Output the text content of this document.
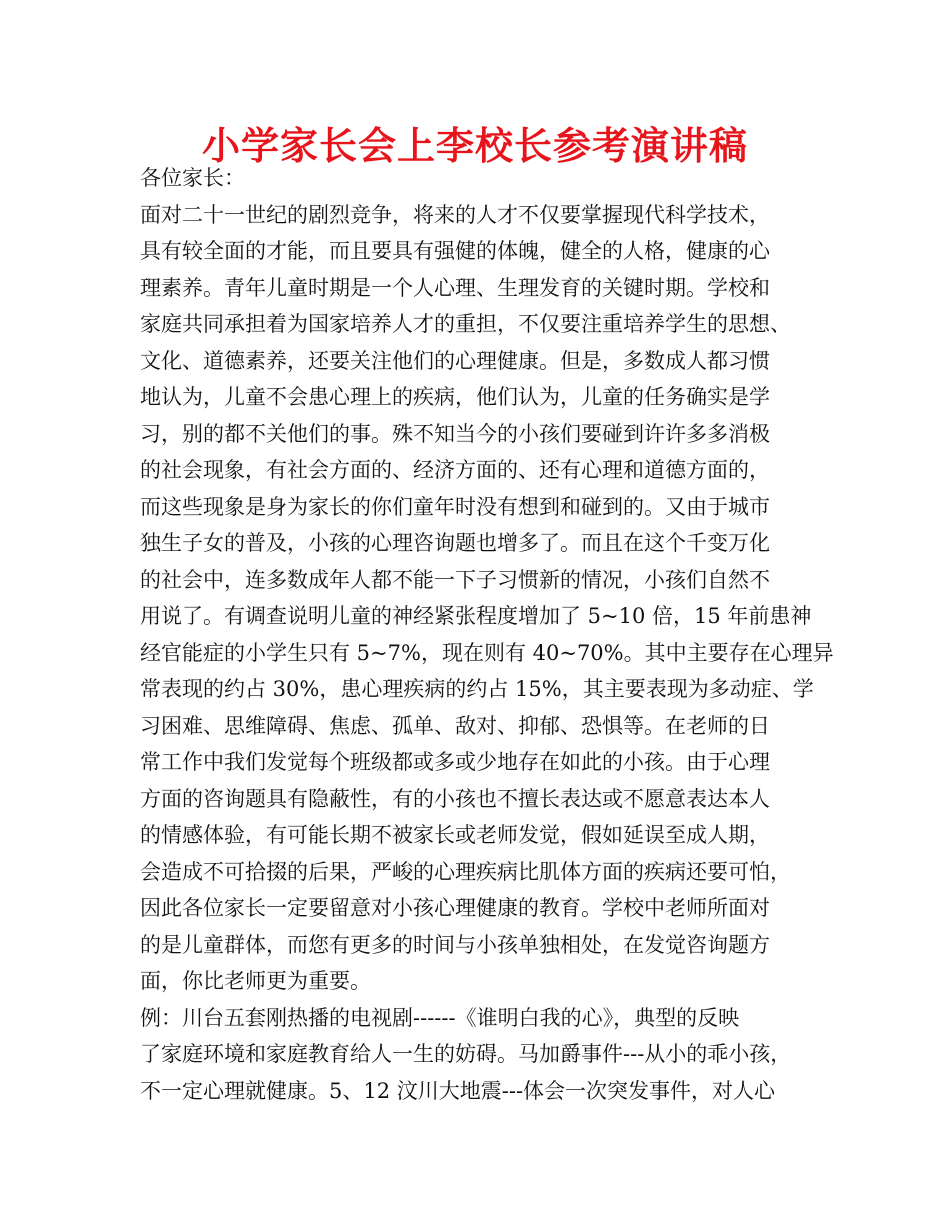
小学家长会上李校长参考演讲稿
各位家长：
面对二十一世纪的剧烈竞争，将来的人才不仅要掌握现代科学技术，
具有较全面的才能，而且要具有强健的体魄，健全的人格，健康的心
理素养。青年儿童时期是一个人心理、生理发育的关键时期。学校和
家庭共同承担着为国家培养人才的重担，不仅要注重培养学生的思想、
文化、道德素养，还要关注他们的心理健康。但是，多数成人都习惯
地认为，儿童不会患心理上的疾病，他们认为，儿童的任务确实是学
习，别的都不关他们的事。殊不知当今的小孩们要碰到许许多多消极
的社会现象，有社会方面的、经济方面的、还有心理和道德方面的，
而这些现象是身为家长的你们童年时没有想到和碰到的。又由于城市
独生子女的普及，小孩的心理咨询题也增多了。而且在这个千变万化
的社会中，连多数成年人都不能一下子习惯新的情况，小孩们自然不
用说了。有调查说明儿童的神经紧张程度增加了 5~10 倍，15 年前患神
经官能症的小学生只有 5~7%，现在则有 40~70%。其中主要存在心理异
常表现的约占 30%，患心理疾病的约占 15%，其主要表现为多动症、学
习困难、思维障碍、焦虑、孤单、敌对、抑郁、恐惧等。在老师的日
常工作中我们发觉每个班级都或多或少地存在如此的小孩。由于心理
方面的咨询题具有隐蔽性，有的小孩也不擅长表达或不愿意表达本人
的情感体验，有可能长期不被家长或老师发觉，假如延误至成人期，
会造成不可拾掇的后果，严峻的心理疾病比肌体方面的疾病还要可怕，
因此各位家长一定要留意对小孩心理健康的教育。学校中老师所面对
的是儿童群体，而您有更多的时间与小孩单独相处，在发觉咨询题方
面，你比老师更为重要。
例：川台五套刚热播的电视剧------《谁明白我的心》，典型的反映
了家庭环境和家庭教育给人一生的妨碍。马加爵事件---从小的乖小孩，
不一定心理就健康。5、12 汶川大地震---体会一次突发事件，对人心
